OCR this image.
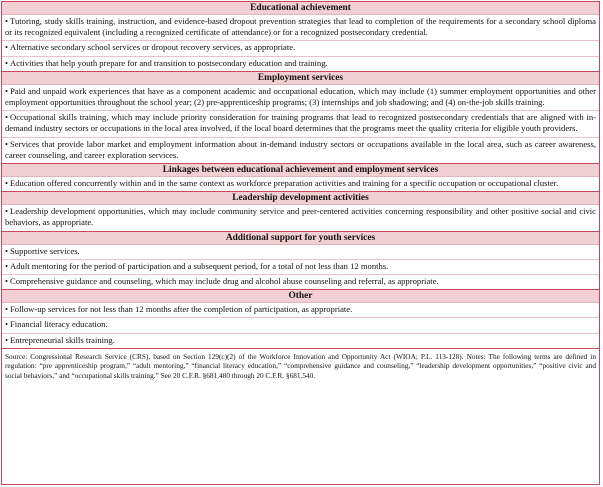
Educational achievement
• Tutoring, study skills training, instruction, and evidence-based dropout prevention strategies that lead to completion of the requirements for a secondary school diploma or its recognized equivalent (including a recognized certificate of attendance) or for a recognized postsecondary credential.
• Alternative secondary school services or dropout recovery services, as appropriate.
• Activities that help youth prepare for and transition to postsecondary education and training.
Employment services
• Paid and unpaid work experiences that have as a component academic and occupational education, which may include (1) summer employment opportunities and other employment opportunities throughout the school year; (2) pre-apprenticeship programs; (3) internships and job shadowing; and (4) on-the-job skills training.
• Occupational skills training, which may include priority consideration for training programs that lead to recognized postsecondary credentials that are aligned with in-demand industry sectors or occupations in the local area involved, if the local board determines that the programs meet the quality criteria for eligible youth providers.
• Services that provide labor market and employment information about in-demand industry sectors or occupations available in the local area, such as career awareness, career counseling, and career exploration services.
Linkages between educational achievement and employment services
• Education offered concurrently within and in the same context as workforce preparation activities and training for a specific occupation or occupational cluster.
Leadership development activities
• Leadership development opportunities, which may include community service and peer-centered activities concerning responsibility and other positive social and civic behaviors, as appropriate.
Additional support for youth services
• Supportive services.
• Adult mentoring for the period of participation and a subsequent period, for a total of not less than 12 months.
• Comprehensive guidance and counseling, which may include drug and alcohol abuse counseling and referral, as appropriate.
Other
• Follow-up services for not less than 12 months after the completion of participation, as appropriate.
• Financial literacy education.
• Entrepreneurial skills training.
Source: Congressional Research Service (CRS), based on Section 129(c)(2) of the Workforce Innovation and Opportunity Act (WIOA; P.L. 113-128). Notes: The following terms are defined in regulation: “pre apprenticeship program,” “adult mentoring,” “financial literacy education,” “comprehensive guidance and counseling,” “leadership development opportunities,” “positive civic and social behaviors,” and “occupational skills training.” See 20 C.F.R. §681.480 through 20 C.F.R. §681.540.
